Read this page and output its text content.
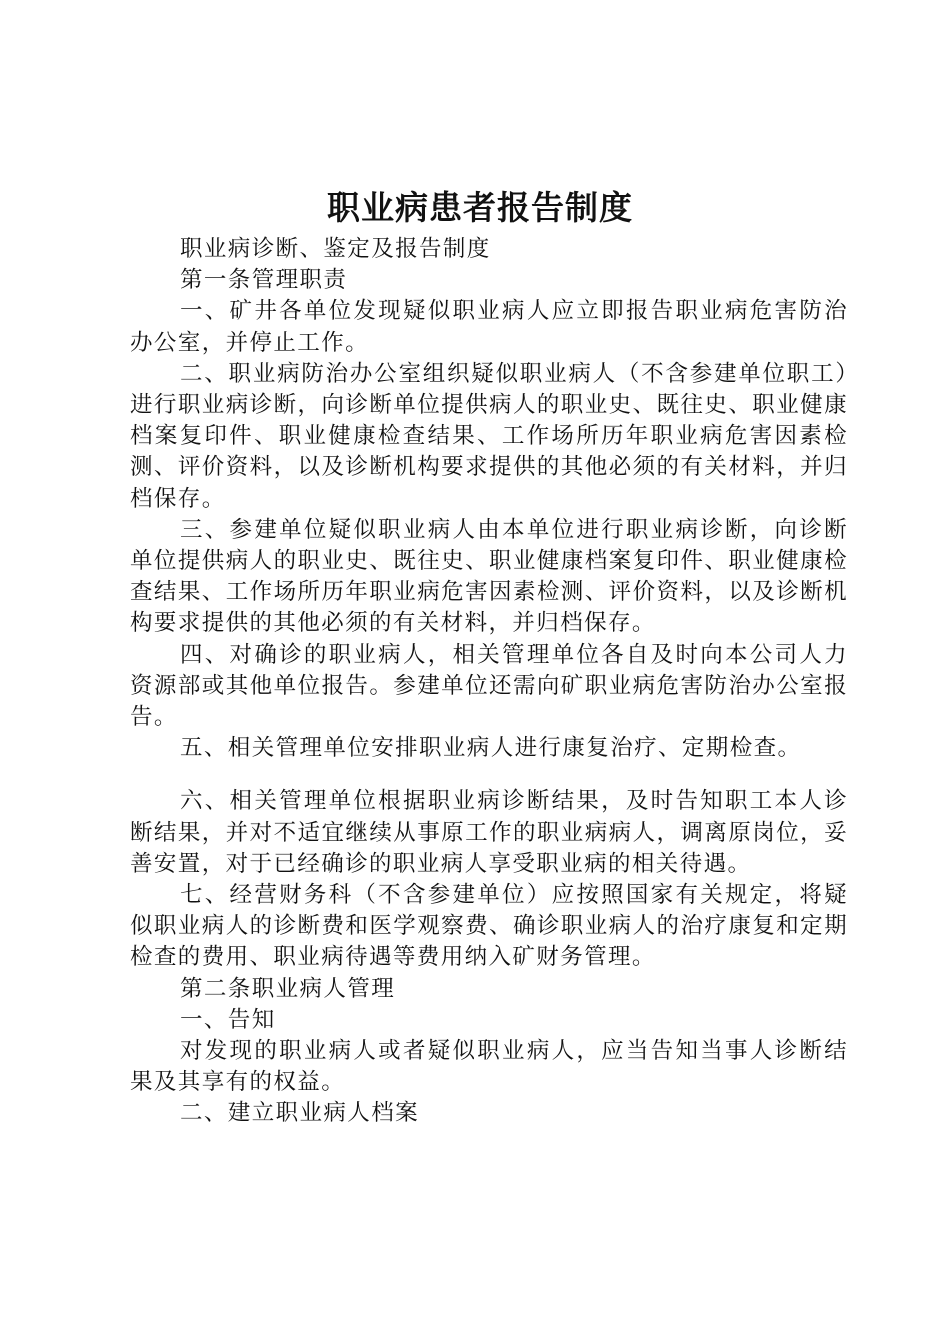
职业病患者报告制度

职业病诊断、鉴定及报告制度

第一条管理职责

一、矿井各单位发现疑似职业病人应立即报告职业病危害防治办公室，并停止工作。

二、职业病防治办公室组织疑似职业病人（不含参建单位职工）进行职业病诊断，向诊断单位提供病人的职业史、既往史、职业健康档案复印件、职业健康检查结果、工作场所历年职业病危害因素检测、评价资料，以及诊断机构要求提供的其他必须的有关材料，并归档保存。

三、参建单位疑似职业病人由本单位进行职业病诊断，向诊断单位提供病人的职业史、既往史、职业健康档案复印件、职业健康检查结果、工作场所历年职业病危害因素检测、评价资料，以及诊断机构要求提供的其他必须的有关材料，并归档保存。

四、对确诊的职业病人，相关管理单位各自及时向本公司人力资源部或其他单位报告。参建单位还需向矿职业病危害防治办公室报告。

五、相关管理单位安排职业病人进行康复治疗、定期检查。

六、相关管理单位根据职业病诊断结果，及时告知职工本人诊断结果，并对不适宜继续从事原工作的职业病病人，调离原岗位，妥善安置，对于已经确诊的职业病人享受职业病的相关待遇。

七、经营财务科（不含参建单位）应按照国家有关规定，将疑似职业病人的诊断费和医学观察费、确诊职业病人的治疗康复和定期检查的费用、职业病待遇等费用纳入矿财务管理。

第二条职业病人管理

一、告知

对发现的职业病人或者疑似职业病人，应当告知当事人诊断结果及其享有的权益。

二、建立职业病人档案
